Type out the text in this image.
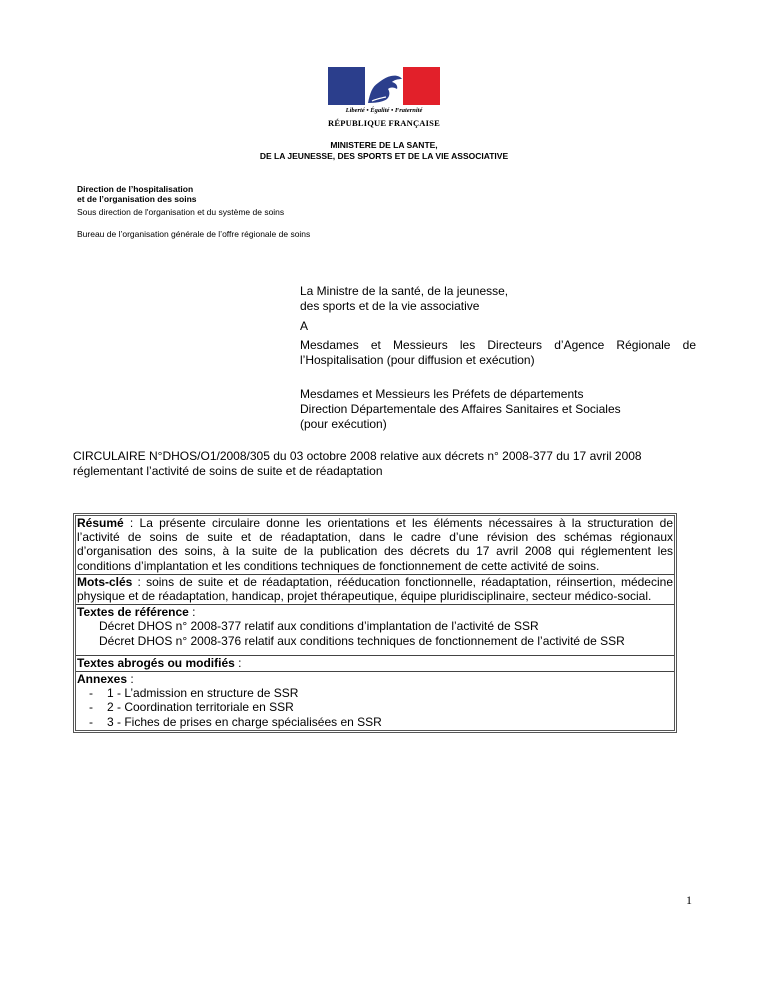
Liberté • Égalité • Fraternité
RÉPUBLIQUE FRANÇAISE
MINISTERE DE LA SANTE,
DE LA JEUNESSE, DES SPORTS ET DE LA VIE ASSOCIATIVE
Direction de l’hospitalisation
et de l’organisation des soins
Sous direction de l'organisation et du système de soins
Bureau de l’organisation générale de l’offre régionale de soins
La Ministre de la santé, de la jeunesse,
des sports et de la vie associative
A
Mesdames et Messieurs les Directeurs d’Agence Régionale de l’Hospitalisation (pour diffusion et exécution)
Mesdames et Messieurs les Préfets de départements
Direction Départementale des Affaires Sanitaires et Sociales
(pour exécution)
CIRCULAIRE N°DHOS/O1/2008/305 du 03 octobre 2008 relative aux décrets n° 2008-377 du 17 avril 2008 réglementant l’activité de soins de suite et de réadaptation
Résumé : La présente circulaire donne les orientations et les éléments nécessaires à la structuration de l’activité de soins de suite et de réadaptation, dans le cadre d’une révision des schémas régionaux d’organisation des soins, à la suite de la publication des décrets du 17 avril 2008 qui réglementent les conditions d’implantation et les conditions techniques de fonctionnement de cette activité de soins.
Mots-clés : soins de suite et de réadaptation, rééducation fonctionnelle, réadaptation, réinsertion, médecine physique et de réadaptation, handicap, projet thérapeutique, équipe pluridisciplinaire, secteur médico-social.
Textes de référence :
Décret DHOS n° 2008-377 relatif aux conditions d’implantation de l’activité de SSR
Décret DHOS n° 2008-376 relatif aux conditions techniques de fonctionnement de l’activité de SSR
Textes abrogés ou modifiés :
Annexes :
- 1 - L’admission en structure de SSR
- 2 - Coordination territoriale en SSR
- 3 - Fiches de prises en charge spécialisées en SSR
1
